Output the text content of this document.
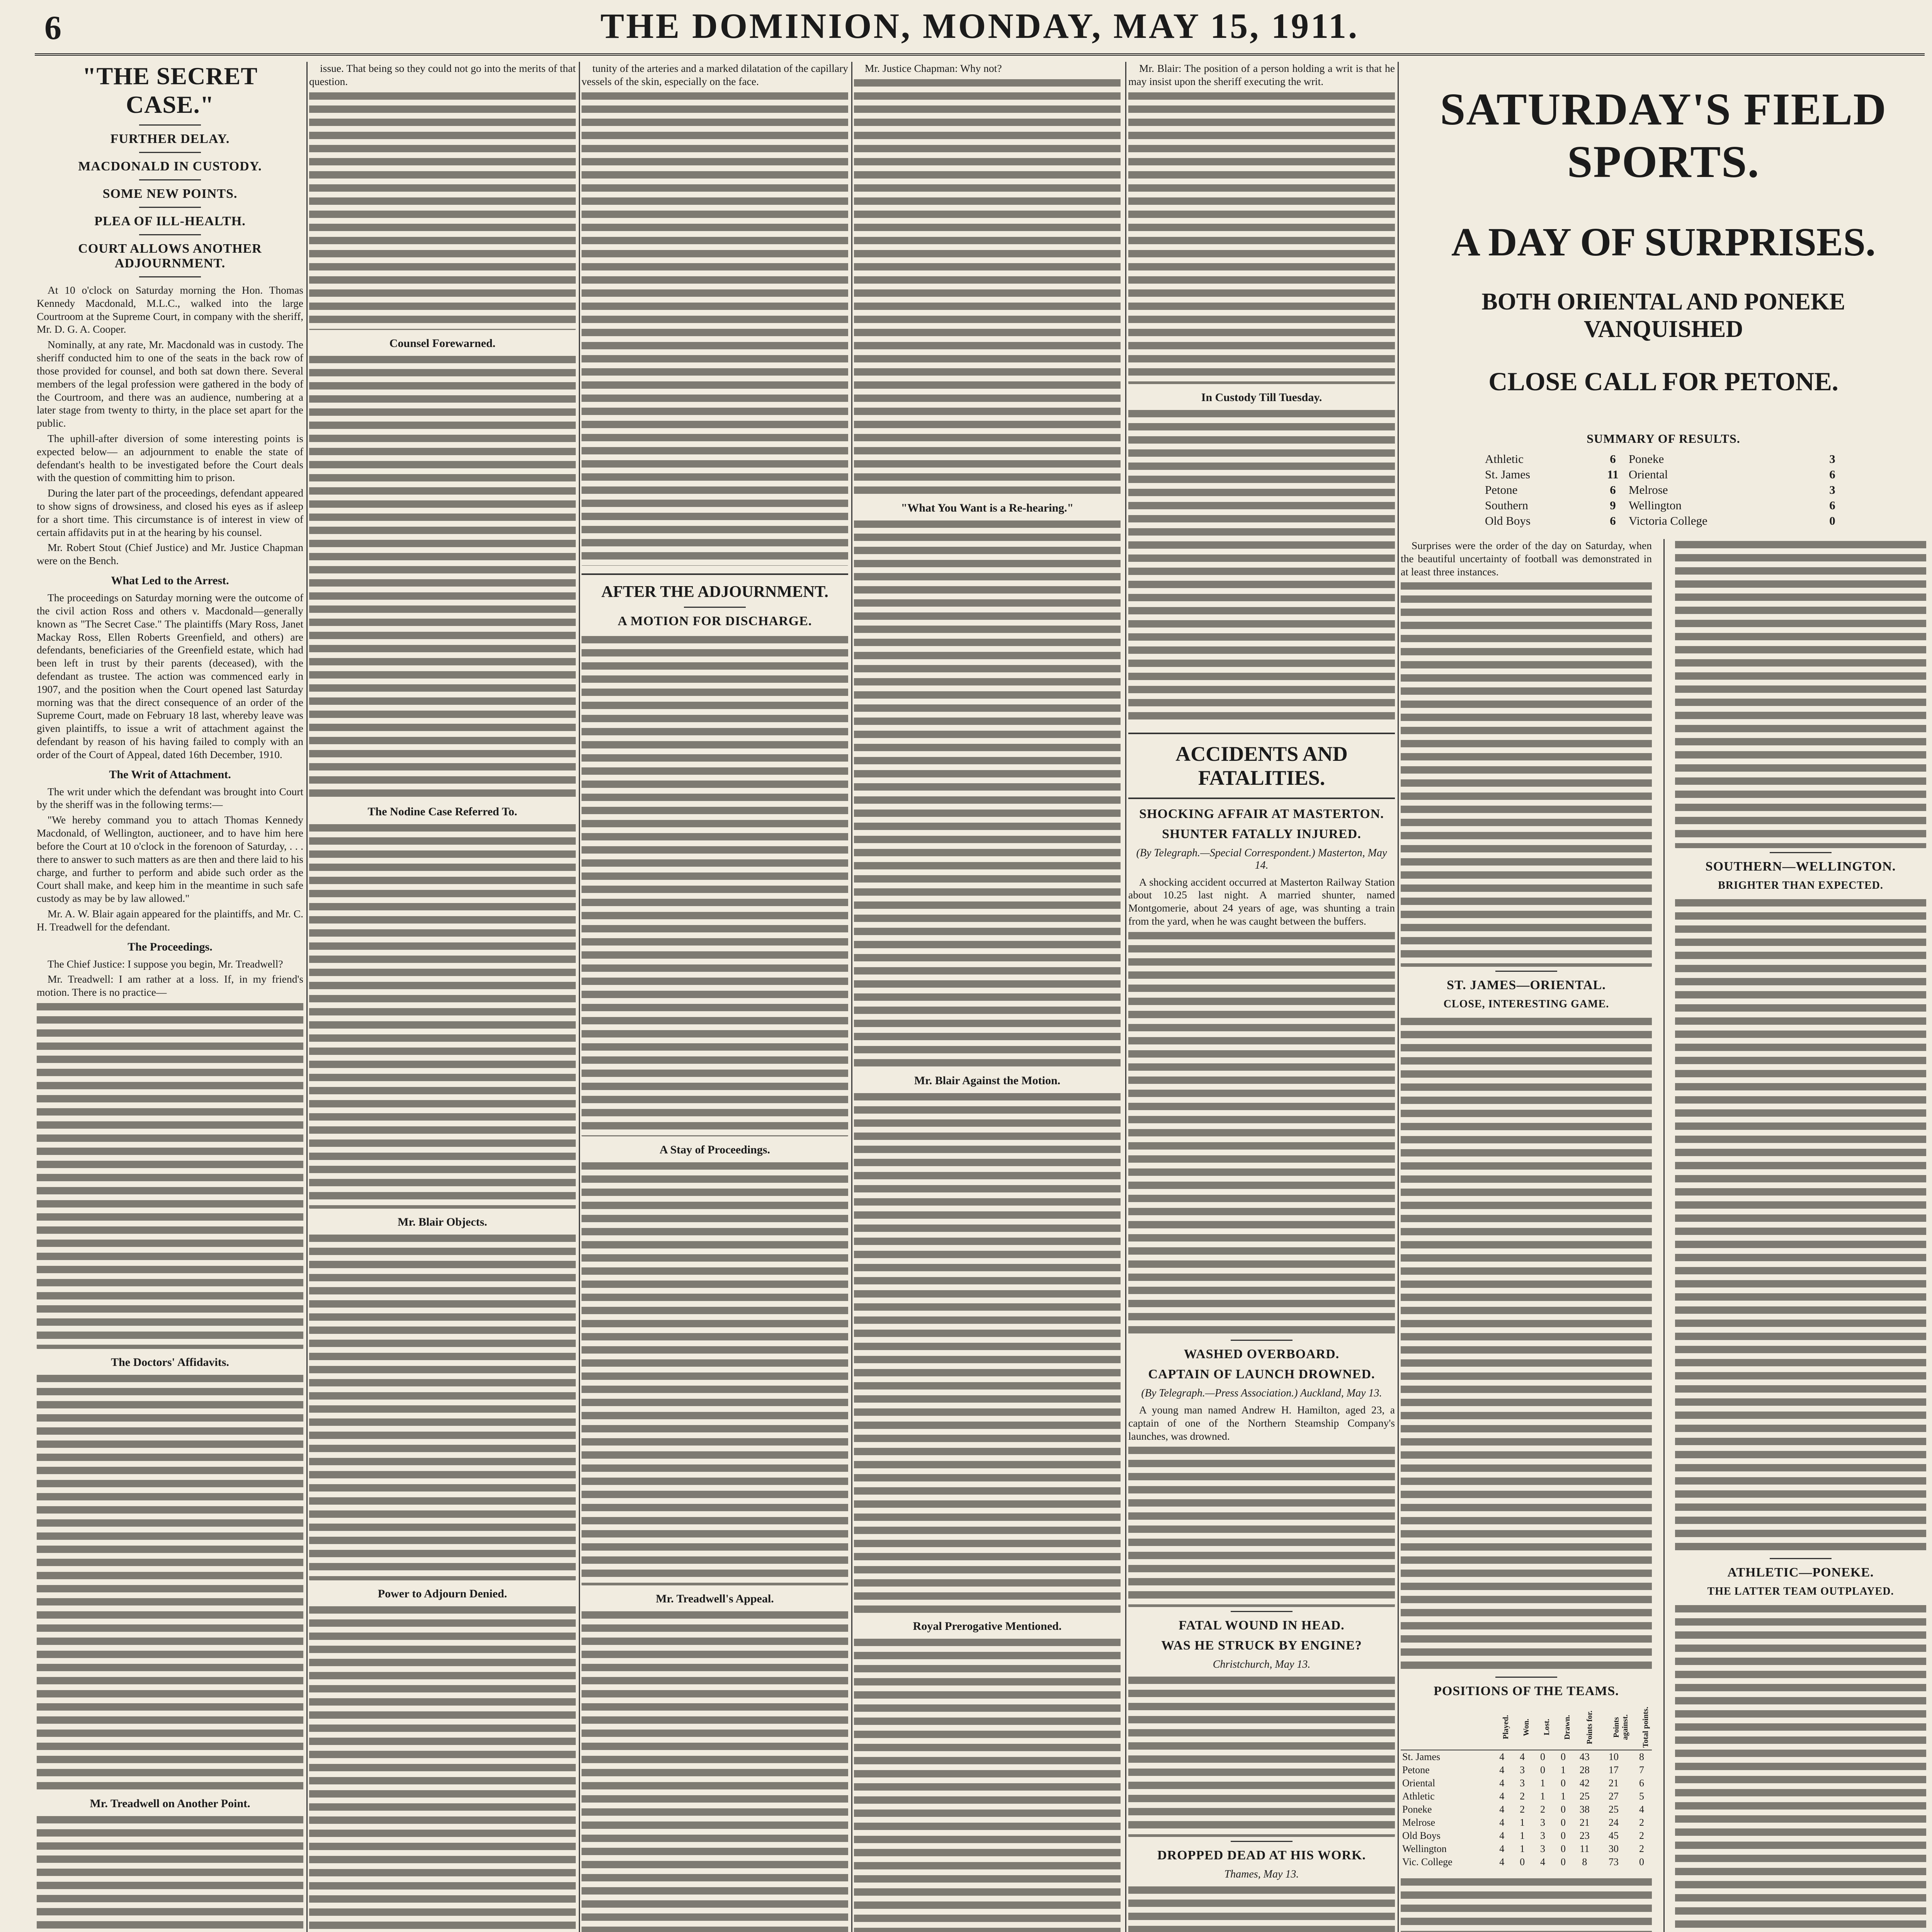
6	THE DOMINION, MONDAY, MAY 15, 1911.
"THE SECRET CASE."
FURTHER DELAY.
MACDONALD IN CUSTODY.
SOME NEW POINTS.
PLEA OF ILL-HEALTH.
COURT ALLOWS ANOTHER ADJOURNMENT.

At 10 o'clock on Saturday morning the Hon. Thomas Kennedy Macdonald, M.L.C., walked into the large Courtroom at the Supreme Court, in company with the sheriff, Mr. D. G. A. Cooper.

Nominally, at any rate, Mr. Macdonald was in custody. The sheriff conducted him to one of the seats in the back row of those provided for counsel, and both sat down there. Several members of the legal profession were gathered in the body of the Courtroom, and there was an audience, numbering at a later stage from twenty to thirty, in the place set apart for the public.

The uphill-after diversion of some interesting points is expected below— an adjournment to enable the state of defendant's health to be investigated before the Court deals with the question of committing him to prison.

During the later part of the proceedings, defendant appeared to show signs of drowsiness, and closed his eyes as if asleep for a short time. This circumstance is of interest in view of certain affidavits put in at the hearing by his counsel.

Mr. Robert Stout (Chief Justice) and Mr. Justice Chapman were on the Bench.

What Led to the Arrest.

The proceedings on Saturday morning were the outcome of the civil action Ross and others v. Macdonald—generally known as "The Secret Case." The plaintiffs (Mary Ross, Janet Mackay Ross, Ellen Roberts Greenfield, and others) are defendants, beneficiaries of the Greenfield estate, which had been left in trust by their parents (deceased), with the defendant as trustee. The action was commenced early in 1907, and the position when the Court opened last Saturday morning was that the direct consequence of an order of the Supreme Court, made on February 18 last, whereby leave was given plaintiffs, to issue a writ of attachment against the defendant by reason of his having failed to comply with an order of the Court of Appeal, dated 16th December, 1910.

The Writ of Attachment.

The writ under which the defendant was brought into Court by the sheriff was in the following terms:—

"We hereby command you to attach Thomas Kennedy Macdonald, of Wellington, auctioneer, and to have him here before the Court at 10 o'clock in the forenoon of Saturday, . . . there to answer to such matters as are then and there laid to his charge, and further to perform and abide such order as the Court shall make, and keep him in the meantime in such safe custody as may be by law allowed."

Mr. A. W. Blair again appeared for the plaintiffs, and Mr. C. H. Treadwell for the defendant.

The Proceedings.

The Chief Justice: I suppose you begin, Mr. Treadwell?

Mr. Treadwell: I am rather at a loss. If, in my friend's motion. There is no practice—

The Doctors' Affidavits.
Mr. Treadwell on Another Point.

issue. That being so they could not go into the merits of that question.

Counsel Forewarned.
The Nodine Case Referred To.
Mr. Blair Objects.
Power to Adjourn Denied.

tunity of the arteries and a marked dilatation of the capillary vessels of the skin, especially on the face.

AFTER THE ADJOURNMENT.
A MOTION FOR DISCHARGE.
A Stay of Proceedings.
Mr. Treadwell's Appeal.

Mr. Justice Chapman: Why not?

"What You Want is a Re-hearing."
Mr. Blair Against the Motion.
Royal Prerogative Mentioned.

Mr. Blair: The position of a person holding a writ is that he may insist upon the sheriff executing the writ.

In Custody Till Tuesday.
ACCIDENTS AND FATALITIES.
SHOCKING AFFAIR AT MASTERTON.
SHUNTER FATALLY INJURED.
(By Telegraph.—Special Correspondent.) Masterton, May 14.

A shocking accident occurred at Masterton Railway Station about 10.25 last night. A married shunter, named Montgomerie, about 24 years of age, was shunting a train from the yard, when he was caught between the buffers.

WASHED OVERBOARD.
CAPTAIN OF LAUNCH DROWNED.
(By Telegraph.—Press Association.) Auckland, May 13.

A young man named Andrew H. Hamilton, aged 23, a captain of one of the Northern Steamship Company's launches, was drowned.

FATAL WOUND IN HEAD.
WAS HE STRUCK BY ENGINE?
Christchurch, May 13.
DROPPED DEAD AT HIS WORK.
Thames, May 13.
SATURDAY'S FIELD SPORTS.
A DAY OF SURPRISES.
BOTH ORIENTAL AND PONEKE VANQUISHED
CLOSE CALL FOR PETONE.
SUMMARY OF RESULTS.
Athletic	6	Poneke	3
St. James	11	Oriental	6
Petone	6	Melrose	3
Southern	9	Wellington	6
Old Boys	6	Victoria College	0

Surprises were the order of the day on Saturday, when the beautiful uncertainty of football was demonstrated in at least three instances.

ST. JAMES—ORIENTAL.
CLOSE, INTERESTING GAME.
POSITIONS OF THE TEAMS.
	Played.	Won.	Lost.	Drawn.	Points for.	Points against.	Total points.
St. James	4	4	0	0	43	10	8
Petone	4	3	0	1	28	17	7
Oriental	4	3	1	0	42	21	6
Athletic	4	2	1	1	25	27	5
Poneke	4	2	2	0	38	25	4
Melrose	4	1	3	0	21	24	2
Old Boys	4	1	3	0	23	45	2
Wellington	4	1	3	0	11	30	2
Vic. College	4	0	4	0	8	73	0
SOUTHERN—WELLINGTON.
BRIGHTER THAN EXPECTED.
ATHLETIC—PONEKE.
THE LATTER TEAM OUTPLAYED.
